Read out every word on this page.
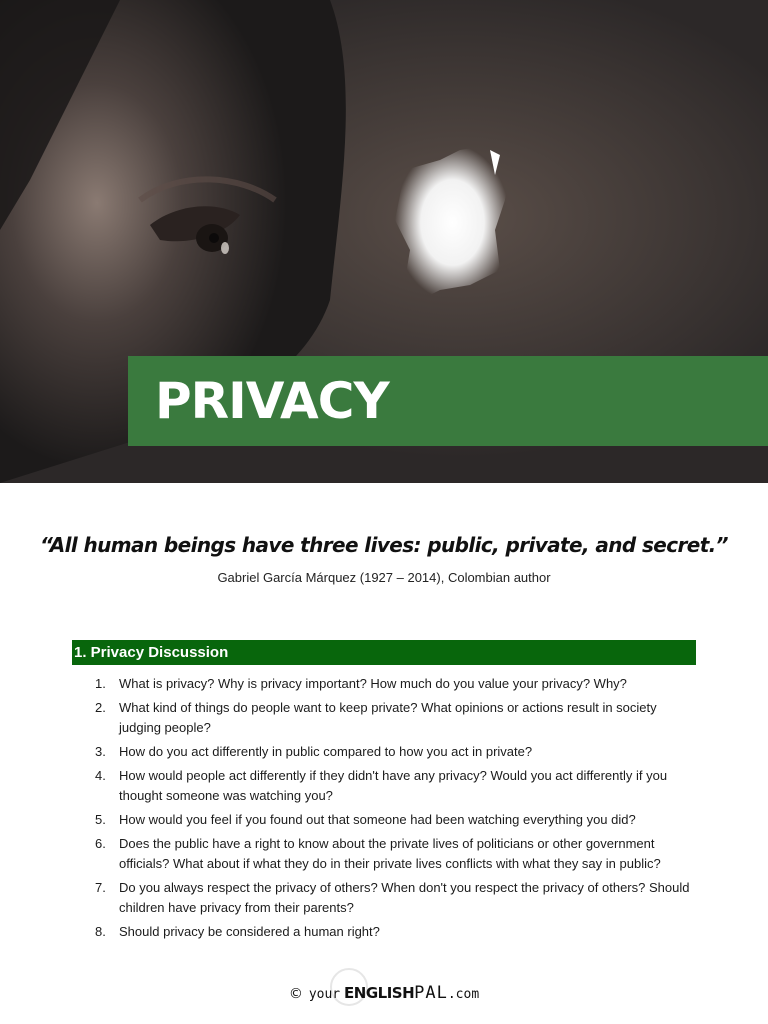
PRIVACY
“All human beings have three lives: public, private, and secret.”
Gabriel García Márquez (1927 – 2014), Colombian author
1. Privacy Discussion
1. What is privacy? Why is privacy important? How much do you value your privacy? Why?
2. What kind of things do people want to keep private? What opinions or actions result in society judging people?
3. How do you act differently in public compared to how you act in private?
4. How would people act differently if they didn't have any privacy? Would you act differently if you thought someone was watching you?
5. How would you feel if you found out that someone had been watching everything you did?
6. Does the public have a right to know about the private lives of politicians or other government officials? What about if what they do in their private lives conflicts with what they say in public?
7. Do you always respect the privacy of others? When don't you respect the privacy of others? Should children have privacy from their parents?
8. Should privacy be considered a human right?
© your ENGLISHPAL.com
